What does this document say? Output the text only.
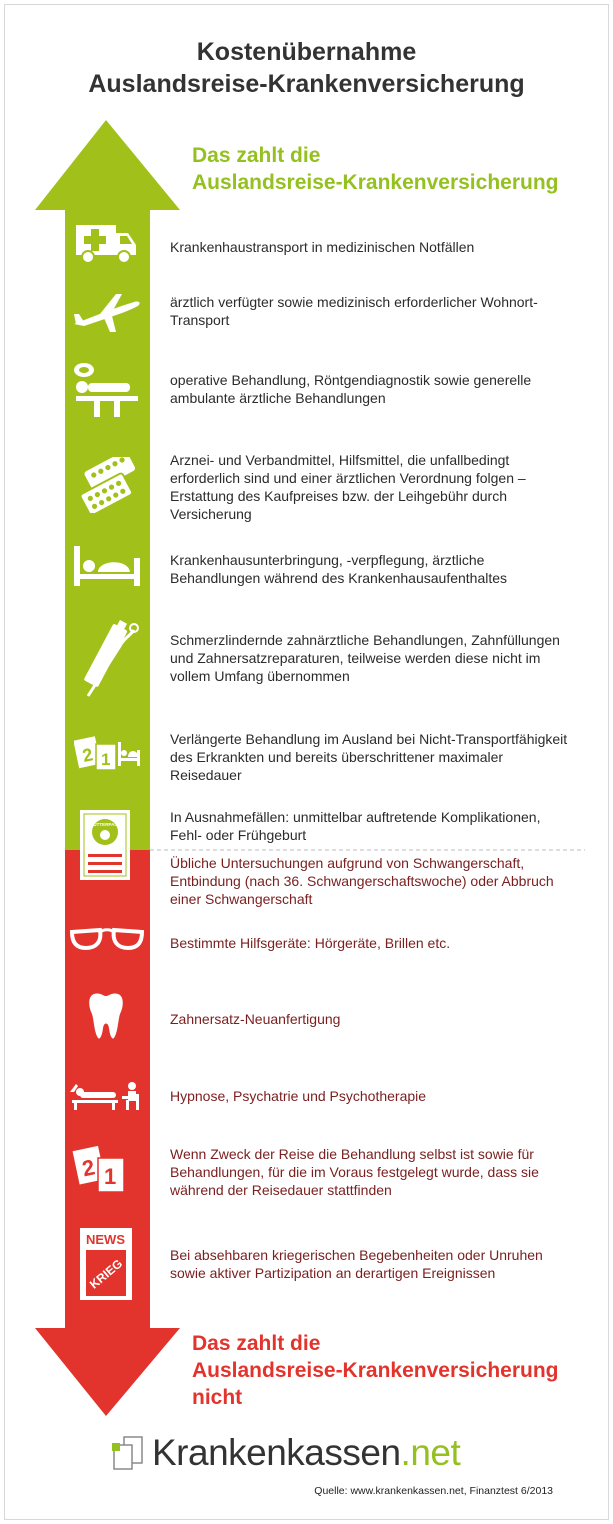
Kostenübernahme
Auslandsreise-Krankenversicherung
Das zahlt die
Auslandsreise-Krankenversicherung
Krankenhaustransport in medizinischen Notfällen
ärztlich verfügter sowie medizinisch erforderlicher Wohnort-Transport
operative Behandlung, Röntgendiagnostik sowie generelle ambulante ärztliche Behandlungen
Arznei- und Verbandmittel, Hilfsmittel, die unfallbedingt erforderlich sind und einer ärztlichen Verordnung folgen – Erstattung des Kaufpreises bzw. der Leihgebühr durch Versicherung
Krankenhausunterbringung, -verpflegung, ärztliche Behandlungen während des Krankenhausaufenthaltes
Schmerzlindernde zahnärztliche Behandlungen, Zahnfüllungen und Zahnersatzreparaturen, teilweise werden diese nicht im vollem Umfang übernommen
Verlängerte Behandlung im Ausland bei Nicht-Transportfähigkeit des Erkrankten und bereits überschrittener maximaler Reisedauer
In Ausnahmefällen: unmittelbar auftretende Komplikationen, Fehl- oder Frühgeburt
Übliche Untersuchungen aufgrund von Schwangerschaft, Entbindung (nach 36. Schwangerschaftswoche) oder Abbruch einer Schwangerschaft
Bestimmte Hilfsgeräte: Hörgeräte, Brillen etc.
Zahnersatz-Neuanfertigung
Hypnose, Psychatrie und Psychotherapie
Wenn Zweck der Reise die Behandlung selbst ist sowie für Behandlungen, für die im Voraus festgelegt wurde, dass sie während der Reisedauer stattfinden
Bei absehbaren kriegerischen Begebenheiten oder Unruhen sowie aktiver Partizipation an derartigen Ereignissen
Das zahlt die
Auslandsreise-Krankenversicherung
nicht
2 1
MUTTERPASS
2 1
NEWS
KRIEG
Krankenkassen.net
Quelle: www.krankenkassen.net, Finanztest 6/2013
